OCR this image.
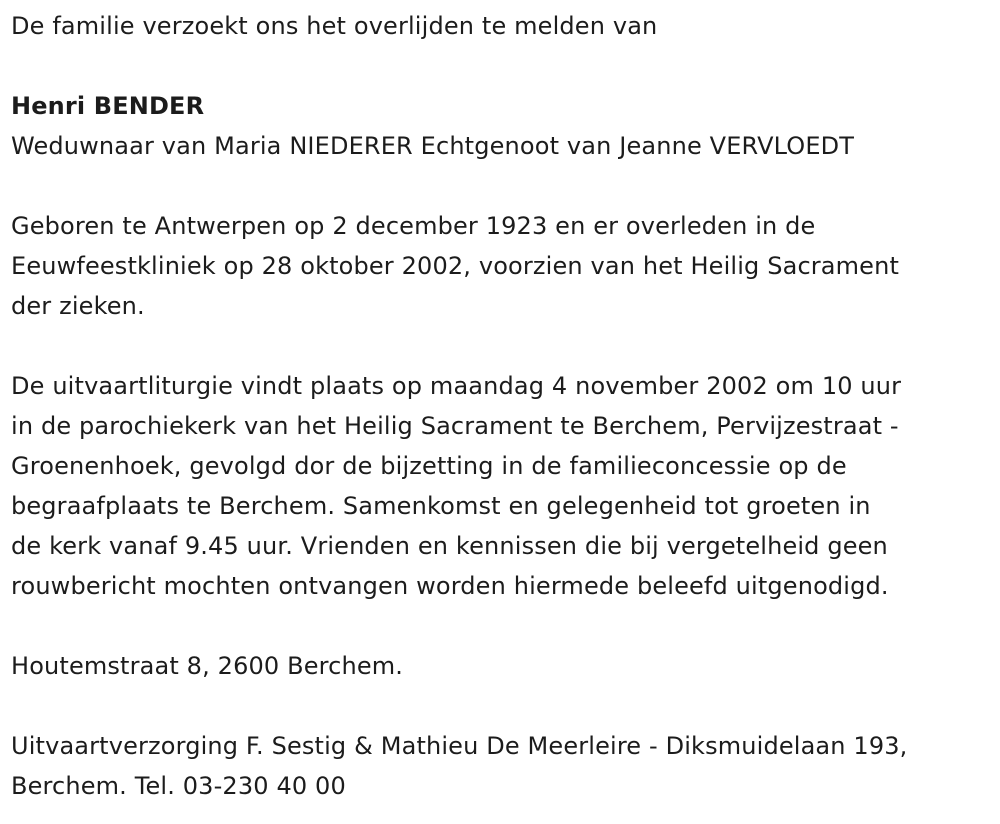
De familie verzoekt ons het overlijden te melden van
Henri BENDER
Weduwnaar van Maria NIEDERER Echtgenoot van Jeanne VERVLOEDT
Geboren te Antwerpen op 2 december 1923 en er overleden in de
Eeuwfeestkliniek op 28 oktober 2002, voorzien van het Heilig Sacrament
der zieken.
De uitvaartliturgie vindt plaats op maandag 4 november 2002 om 10 uur
in de parochiekerk van het Heilig Sacrament te Berchem, Pervijzestraat -
Groenenhoek, gevolgd dor de bijzetting in de familieconcessie op de
begraafplaats te Berchem. Samenkomst en gelegenheid tot groeten in
de kerk vanaf 9.45 uur. Vrienden en kennissen die bij vergetelheid geen
rouwbericht mochten ontvangen worden hiermede beleefd uitgenodigd.
Houtemstraat 8, 2600 Berchem.
Uitvaartverzorging F. Sestig & Mathieu De Meerleire - Diksmuidelaan 193,
Berchem. Tel. 03-230 40 00
